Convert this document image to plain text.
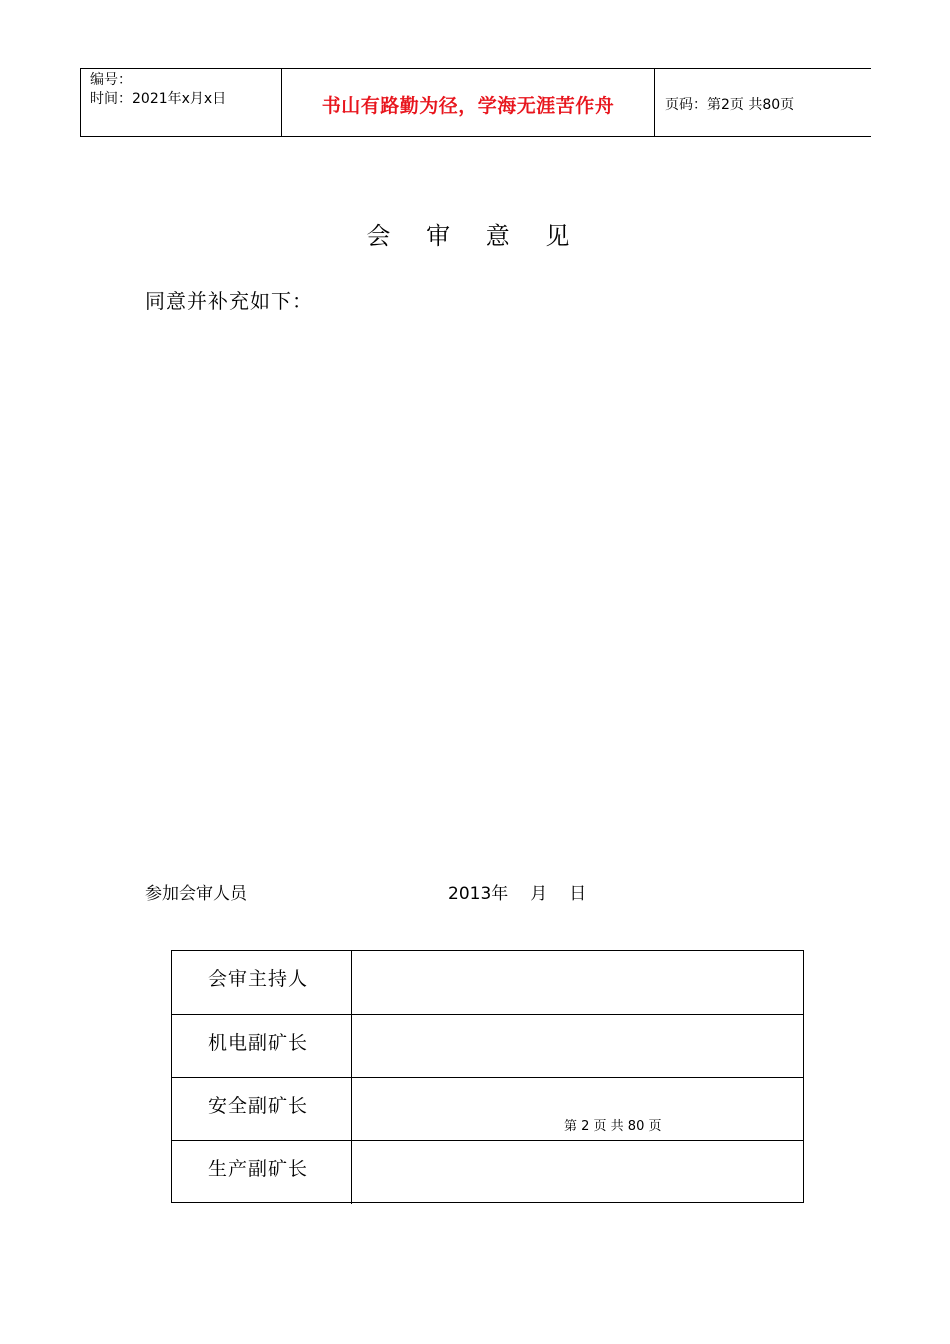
编号：
时间：2021年x月x日	书山有路勤为径，学海无涯苦作舟	页码：第2页 共80页
会 审 意 见
同意并补充如下：
参加会审人员	2013年 月 日
会审主持人
机电副矿长
安全副矿长
生产副矿长
第 2 页 共 80 页
